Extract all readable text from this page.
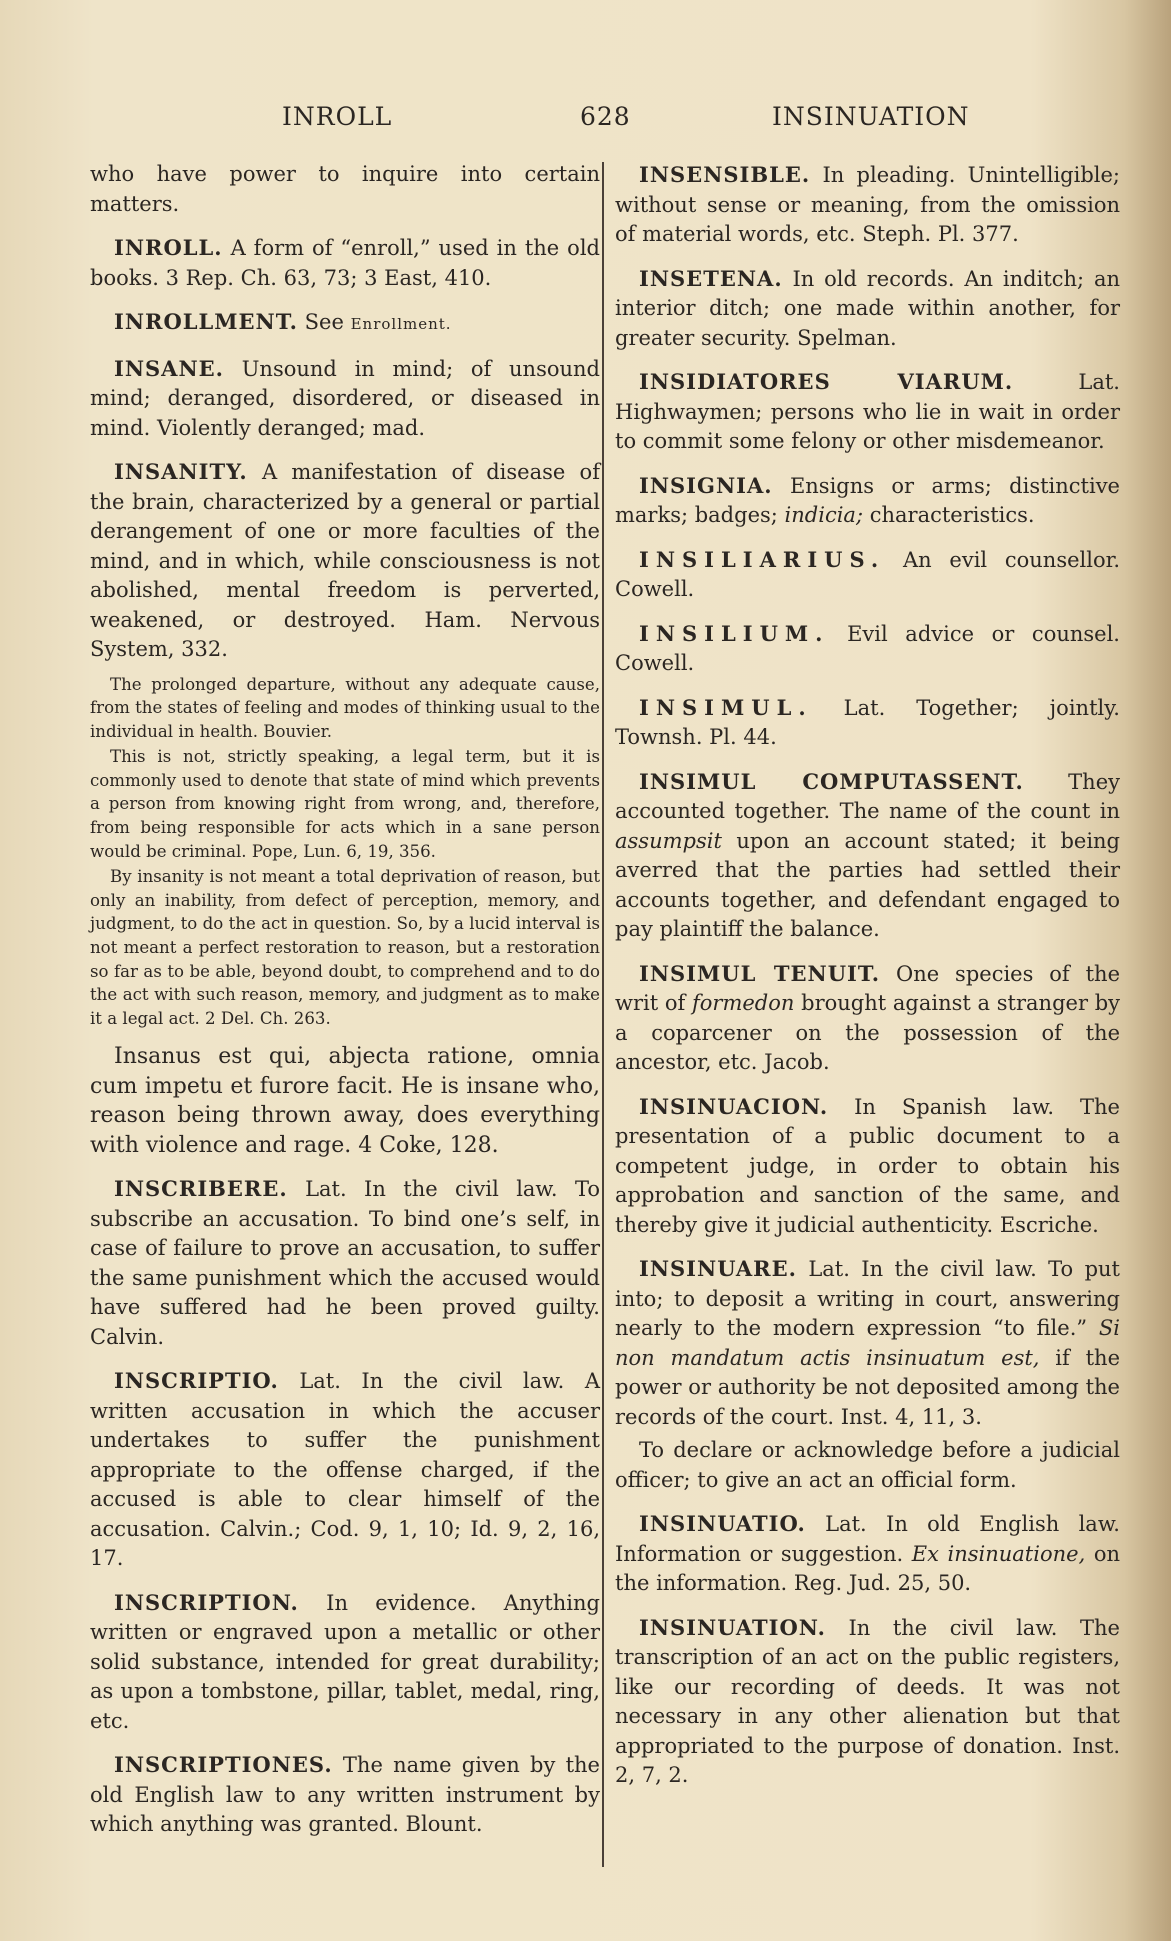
INROLL	628	INSINUATION

who have power to inquire into certain matters.

INROLL. A form of “enroll,” used in the old books. 3 Rep. Ch. 63, 73; 3 East, 410.

INROLLMENT. See Enrollment.

INSANE. Unsound in mind; of unsound mind; deranged, disordered, or diseased in mind. Violently deranged; mad.

INSANITY. A manifestation of disease of the brain, characterized by a general or partial derangement of one or more faculties of the mind, and in which, while consciousness is not abolished, mental freedom is perverted, weakened, or destroyed. Ham. Nervous System, 332.

The prolonged departure, without any adequate cause, from the states of feeling and modes of thinking usual to the individual in health. Bouvier.

This is not, strictly speaking, a legal term, but it is commonly used to denote that state of mind which prevents a person from knowing right from wrong, and, therefore, from being responsible for acts which in a sane person would be criminal. Pope, Lun. 6, 19, 356.

By insanity is not meant a total deprivation of reason, but only an inability, from defect of perception, memory, and judgment, to do the act in question. So, by a lucid interval is not meant a perfect restoration to reason, but a restoration so far as to be able, beyond doubt, to comprehend and to do the act with such reason, memory, and judgment as to make it a legal act. 2 Del. Ch. 263.

Insanus est qui, abjecta ratione, omnia cum impetu et furore facit. He is insane who, reason being thrown away, does everything with violence and rage. 4 Coke, 128.

INSCRIBERE. Lat. In the civil law. To subscribe an accusation. To bind one’s self, in case of failure to prove an accusation, to suffer the same punishment which the accused would have suffered had he been proved guilty. Calvin.

INSCRIPTIO. Lat. In the civil law. A written accusation in which the accuser undertakes to suffer the punishment appropriate to the offense charged, if the accused is able to clear himself of the accusation. Calvin.; Cod. 9, 1, 10; Id. 9, 2, 16, 17.

INSCRIPTION. In evidence. Anything written or engraved upon a metallic or other solid substance, intended for great durability; as upon a tombstone, pillar, tablet, medal, ring, etc.

INSCRIPTIONES. The name given by the old English law to any written instrument by which anything was granted. Blount.

INSENSIBLE. In pleading. Unintelligible; without sense or meaning, from the omission of material words, etc. Steph. Pl. 377.

INSETENA. In old records. An inditch; an interior ditch; one made within another, for greater security. Spelman.

INSIDIATORES VIARUM.	Lat. Highwaymen; persons who lie in wait in order to commit some felony or other misdemeanor.

INSIGNIA. Ensigns or arms; distinctive marks; badges; indicia; characteristics.

INSILIARIUS. An evil counsellor. Cowell.

INSILIUM. Evil advice or counsel. Cowell.

INSIMUL. Lat. Together; jointly. Townsh. Pl. 44.

INSIMUL COMPUTASSENT. They accounted together. The name of the count in assumpsit upon an account stated; it being averred that the parties had settled their accounts together, and defendant engaged to pay plaintiff the balance.

INSIMUL TENUIT. One species of the writ of formedon brought against a stranger by a coparcener on the possession of the ancestor, etc. Jacob.

INSINUACION. In Spanish law. The presentation of a public document to a competent judge, in order to obtain his approbation and sanction of the same, and thereby give it judicial authenticity. Escriche.

INSINUARE. Lat. In the civil law. To put into; to deposit a writing in court, answering nearly to the modern expression “to file.” Si non mandatum actis insinuatum est, if the power or authority be not deposited among the records of the court. Inst. 4, 11, 3.

To declare or acknowledge before a judicial officer; to give an act an official form.

INSINUATIO. Lat. In old English law. Information or suggestion. Ex insinuatione, on the information. Reg. Jud. 25, 50.

INSINUATION. In the civil law. The transcription of an act on the public registers, like our recording of deeds. It was not necessary in any other alienation but that appropriated to the purpose of donation. Inst. 2, 7, 2.
